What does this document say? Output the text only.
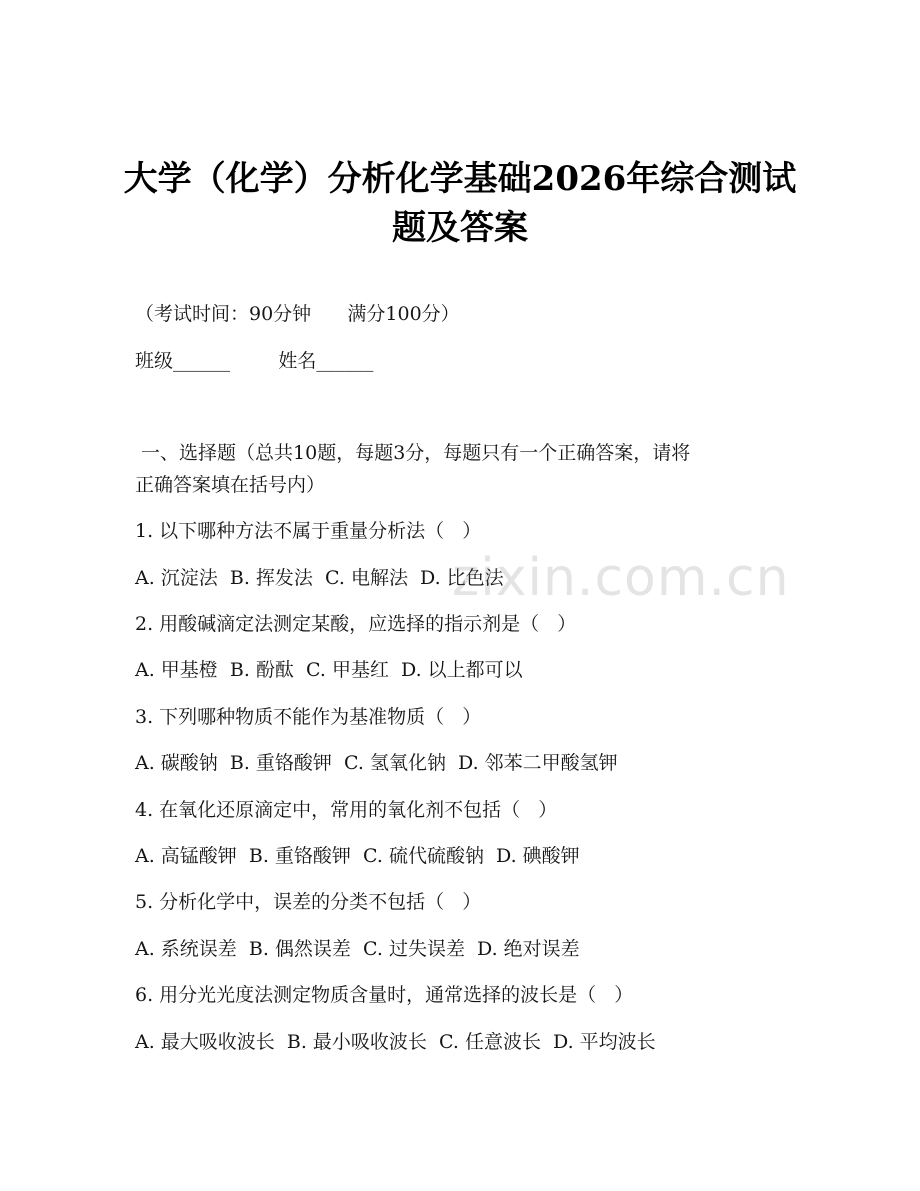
大学（化学）分析化学基础2026年综合测试
题及答案
（考试时间：90分钟      满分100分）
班级______        姓名______
一、选择题（总共10题，每题3分，每题只有一个正确答案，请将
正确答案填在括号内）
1. 以下哪种方法不属于重量分析法（   ）
A. 沉淀法  B. 挥发法  C. 电解法  D. 比色法
2. 用酸碱滴定法测定某酸，应选择的指示剂是（   ）
A. 甲基橙  B. 酚酞  C. 甲基红  D. 以上都可以
3. 下列哪种物质不能作为基准物质（   ）
A. 碳酸钠  B. 重铬酸钾  C. 氢氧化钠  D. 邻苯二甲酸氢钾
4. 在氧化还原滴定中，常用的氧化剂不包括（   ）
A. 高锰酸钾  B. 重铬酸钾  C. 硫代硫酸钠  D. 碘酸钾
5. 分析化学中，误差的分类不包括（   ）
A. 系统误差  B. 偶然误差  C. 过失误差  D. 绝对误差
6. 用分光光度法测定物质含量时，通常选择的波长是（   ）
A. 最大吸收波长  B. 最小吸收波长  C. 任意波长  D. 平均波长
zixin.com.cn
